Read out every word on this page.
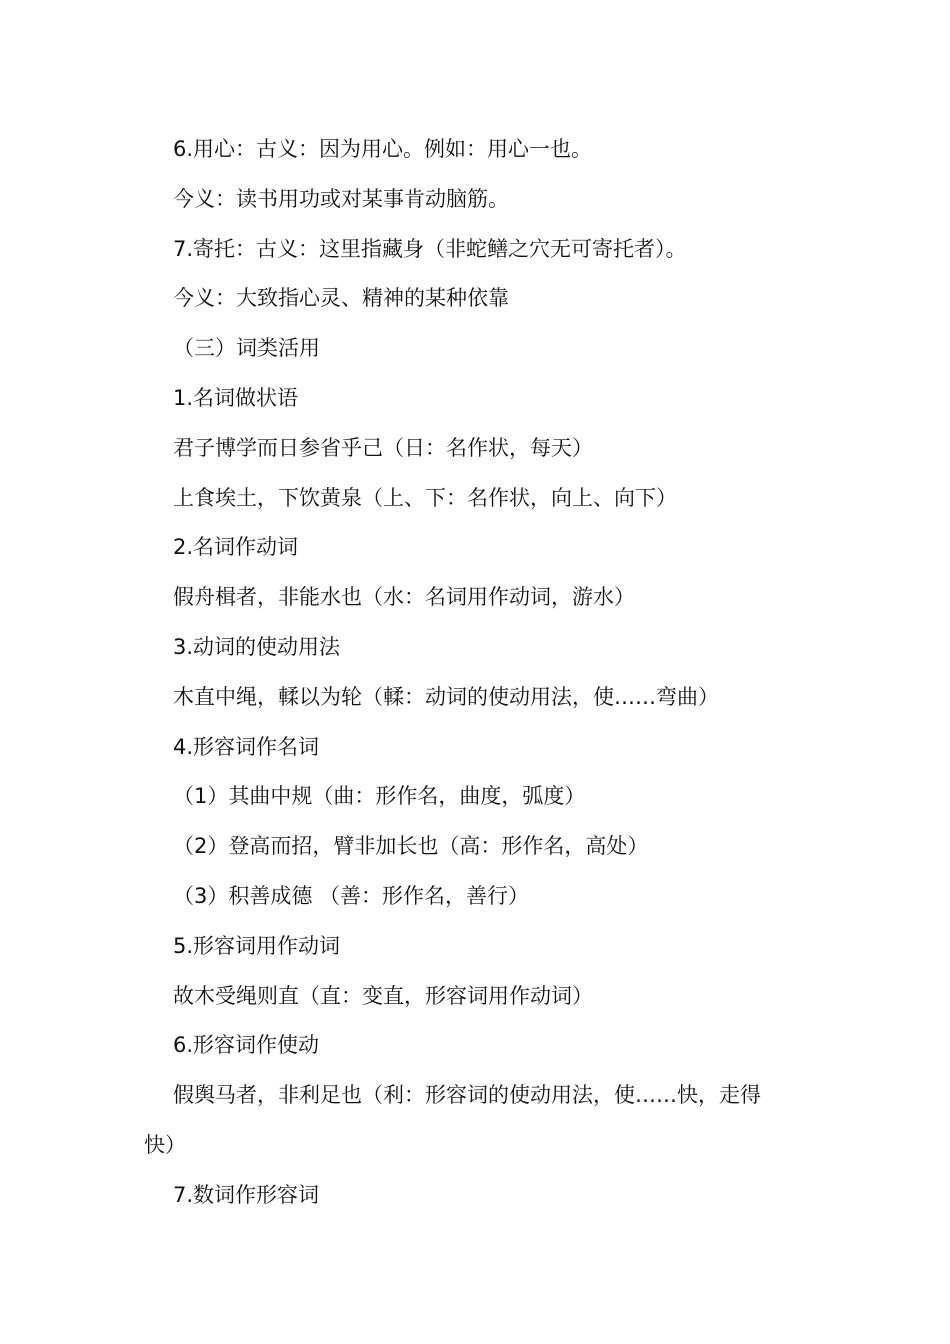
6.用心：古义：因为用心。例如：用心一也。
今义：读书用功或对某事肯动脑筋。
7.寄托：古义：这里指藏身（非蛇鳝之穴无可寄托者）。
今义：大致指心灵、精神的某种依靠
（三）词类活用
1.名词做状语
君子博学而日参省乎己（日：名作状，每天）
上食埃土，下饮黄泉（上、下：名作状，向上、向下）
2.名词作动词
假舟楫者，非能水也（水：名词用作动词，游水）
3.动词的使动用法
木直中绳，輮以为轮（輮：动词的使动用法，使……弯曲）
4.形容词作名词
（1）其曲中规（曲：形作名，曲度，弧度）
（2）登高而招，臂非加长也（高：形作名，高处）
（3）积善成德 （善：形作名，善行）
5.形容词用作动词
故木受绳则直（直：变直，形容词用作动词）
6.形容词作使动
假舆马者，非利足也（利：形容词的使动用法，使……快，走得
快）
7.数词作形容词
